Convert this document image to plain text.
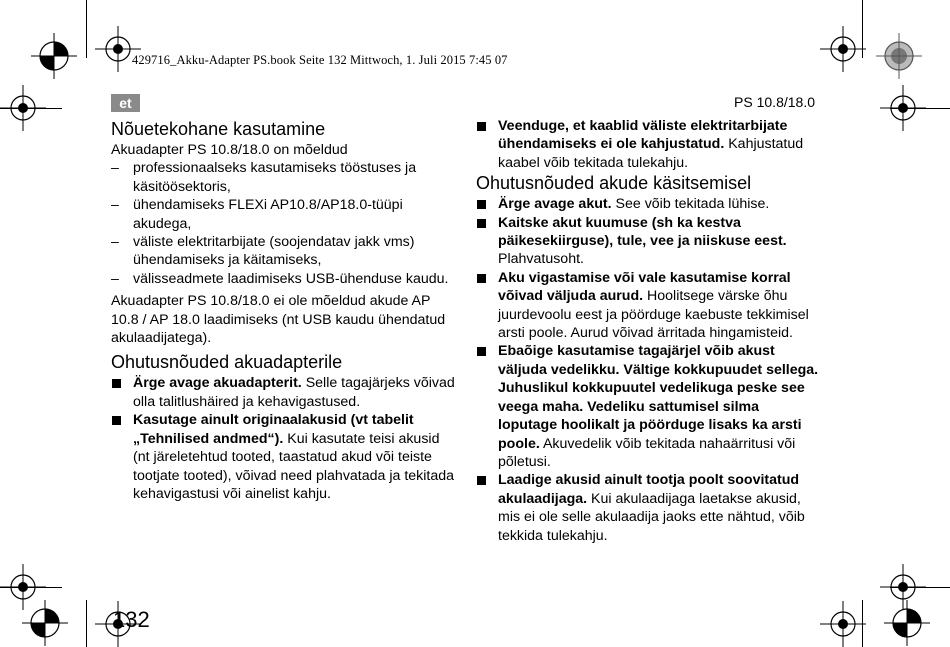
429716_Akku-Adapter PS.book Seite 132 Mittwoch, 1. Juli 2015 7:45 07
et	PS 10.8/18.0
Nõuetekohane kasutamine

Akuadapter PS 10.8/18.0 on mõeldud

– professionaalseks kasutamiseks tööstuses ja käsitöösektoris,
– ühendamiseks FLEXi AP10.8/AP18.0-tüüpi akudega,
– väliste elektritarbijate (soojendatav jakk vms) ühendamiseks ja käitamiseks,
– välisseadmete laadimiseks USB-ühenduse kaudu.

Akuadapter PS 10.8/18.0 ei ole mõeldud akude AP 10.8 / AP 18.0 laadimiseks (nt USB kaudu ühendatud akulaadijatega).

Ohutusnõuded akuadapterile
Ärge avage akuadapterit. Selle tagajärjeks võivad olla talitlushäired ja kehavigastused.
Kasutage ainult originaalakusid (vt tabelit „Tehnilised andmed“). Kui kasutate teisi akusid (nt järeletehtud tooted, taastatud akud või teiste tootjate tooted), võivad need plahvatada ja tekitada kehavigastusi või ainelist kahju.
Veenduge, et kaablid väliste elektritarbijate ühendamiseks ei ole kahjustatud. Kahjustatud kaabel võib tekitada tulekahju.
Ohutusnõuded akude käsitsemisel
Ärge avage akut. See võib tekitada lühise.
Kaitske akut kuumuse (sh ka kestva päikesekiirguse), tule, vee ja niiskuse eest. Plahvatusoht.
Aku vigastamise või vale kasutamise korral võivad väljuda aurud. Hoolitsege värske õhu juurdevoolu eest ja pöörduge kaebuste tekkimisel arsti poole. Aurud võivad ärritada hingamisteid.
Ebaõige kasutamise tagajärjel võib akust väljuda vedelikku. Vältige kokkupuudet sellega. Juhuslikul kokkupuutel vedelikuga peske see veega maha. Vedeliku sattumisel silma loputage hoolikalt ja pöörduge lisaks ka arsti poole. Akuvedelik võib tekitada nahaärritusi või põletusi.
Laadige akusid ainult tootja poolt soovitatud akulaadijaga. Kui akulaadijaga laetakse akusid, mis ei ole selle akulaadija jaoks ette nähtud, võib tekkida tulekahju.
132
